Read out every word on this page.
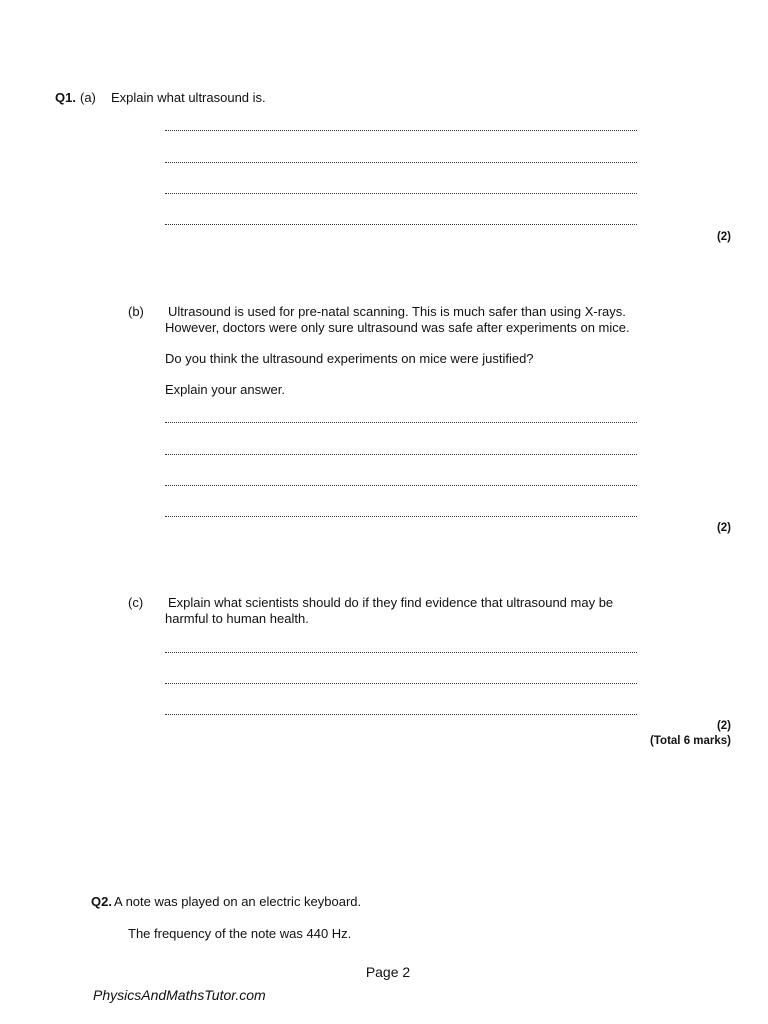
Q1. (a) Explain what ultrasound is.
(2)
(b) Ultrasound is used for pre-natal scanning. This is much safer than using X-rays.
However, doctors were only sure ultrasound was safe after experiments on mice.
Do you think the ultrasound experiments on mice were justified?
Explain your answer.
(2)
(c) Explain what scientists should do if they find evidence that ultrasound may be
harmful to human health.
(2)
(Total 6 marks)
Q2. A note was played on an electric keyboard.
The frequency of the note was 440 Hz.
Page 2
PhysicsAndMathsTutor.com
